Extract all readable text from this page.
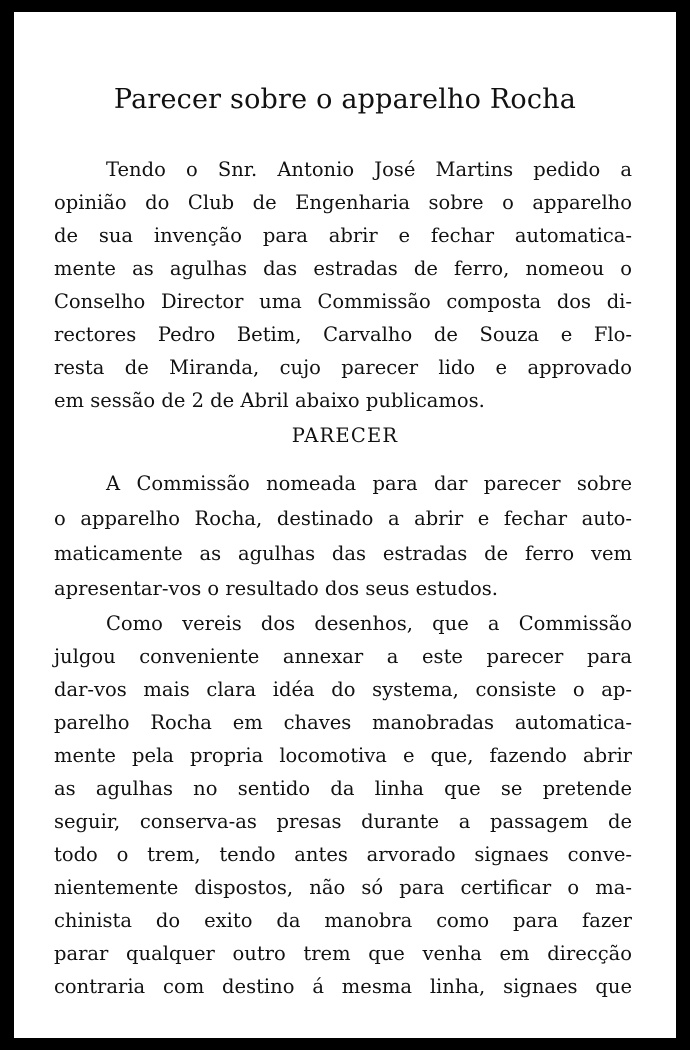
Parecer sobre o apparelho Rocha
Tendo o Snr. Antonio José Martins pedido a
opinião do Club de Engenharia sobre o apparelho
de sua invenção para abrir e fechar automatica-
mente as agulhas das estradas de ferro, nomeou o
Conselho Director uma Commissão composta dos di-
rectores Pedro Betim, Carvalho de Souza e Flo-
resta de Miranda, cujo parecer lido e approvado
em sessão de 2 de Abril abaixo publicamos.
PARECER
A Commissão nomeada para dar parecer sobre
o apparelho Rocha, destinado a abrir e fechar auto-
maticamente as agulhas das estradas de ferro vem
apresentar-vos o resultado dos seus estudos.
Como vereis dos desenhos, que a Commissão
julgou conveniente annexar a este parecer para
dar-vos mais clara idéa do systema, consiste o ap-
parelho Rocha em chaves manobradas automatica-
mente pela propria locomotiva e que, fazendo abrir
as agulhas no sentido da linha que se pretende
seguir, conserva-as presas durante a passagem de
todo o trem, tendo antes arvorado signaes conve-
nientemente dispostos, não só para certificar o ma-
chinista do exito da manobra como para fazer
parar qualquer outro trem que venha em direcção
contraria com destino á mesma linha, signaes que
